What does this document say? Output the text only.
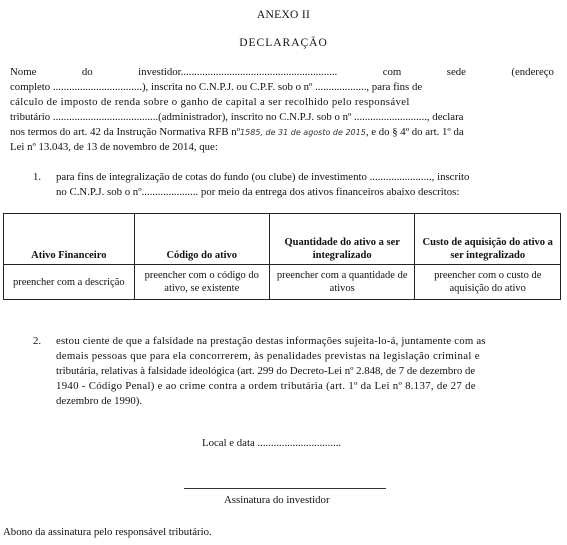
ANEXO II
DECLARAÇÃO
Nome	do	investidor..........................................................	com	sede	(endereço
completo .................................), inscrita no C.N.P.J. ou C.P.F. sob o nº ..................., para fins de
cálculo de imposto de renda sobre o ganho de capital a ser recolhido pelo responsável
tributário .......................................(administrador), inscrito no C.N.P.J. sob o nº ..........................., declara
nos termos do art. 42 da Instrução Normativa RFB nº1585, de 31 de agosto de 2015, e do § 4º do art. 1º da
Lei nº 13.043, de 13 de novembro de 2014, que:
1. para fins de integralização de cotas do fundo (ou clube) de investimento ......................., inscrito
no C.N.P.J. sob o nº..................... por meio da entrega dos ativos financeiros abaixo descritos:
Ativo Financeiro	Código do ativo	Quantidade do ativo a ser integralizado	Custo de aquisição do ativo a ser integralizado
preencher com a descrição	preencher com o código do ativo, se existente	preencher com a quantidade de ativos	preencher com o custo de aquisição do ativo
2. estou ciente de que a falsidade na prestação destas informações sujeita-lo-á, juntamente com as
demais pessoas que para ela concorrerem, às penalidades previstas na legislação criminal e
tributária, relativas à falsidade ideológica (art. 299 do Decreto-Lei nº 2.848, de 7 de dezembro de
1940 - Código Penal) e ao crime contra a ordem tributária (art. 1º da Lei nº 8.137, de 27 de
dezembro de 1990).
Local e data ...............................
Assinatura do investidor
Abono da assinatura pelo responsável tributário.
